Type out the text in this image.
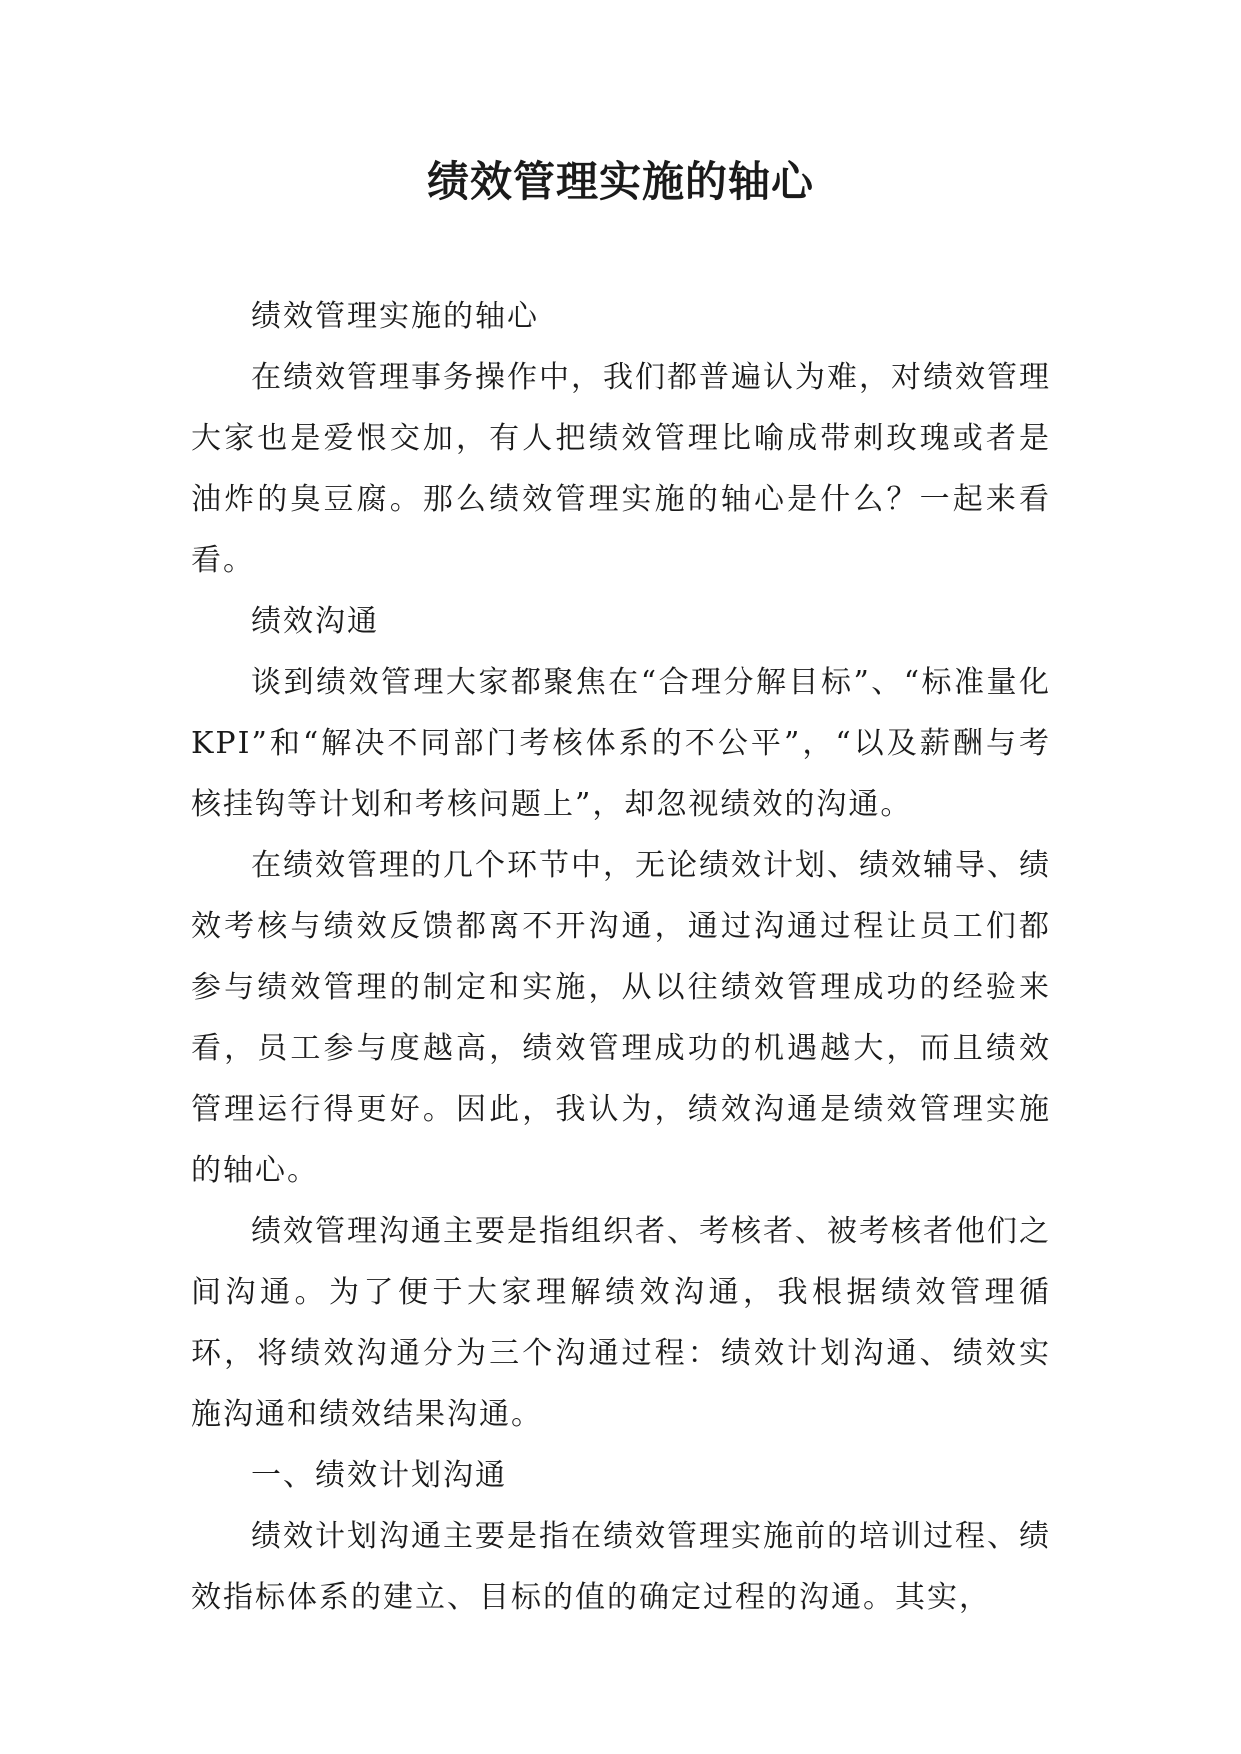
绩效管理实施的轴心

绩效管理实施的轴心

在绩效管理事务操作中，我们都普遍认为难，对绩效管理大家也是爱恨交加，有人把绩效管理比喻成带刺玫瑰或者是油炸的臭豆腐。那么绩效管理实施的轴心是什么？一起来看看。

绩效沟通

谈到绩效管理大家都聚焦在“合理分解目标”、“标准量化KPI”和“解决不同部门考核体系的不公平”，“以及薪酬与考核挂钩等计划和考核问题上”，却忽视绩效的沟通。

在绩效管理的几个环节中，无论绩效计划、绩效辅导、绩效考核与绩效反馈都离不开沟通，通过沟通过程让员工们都参与绩效管理的制定和实施，从以往绩效管理成功的经验来看，员工参与度越高，绩效管理成功的机遇越大，而且绩效管理运行得更好。因此，我认为，绩效沟通是绩效管理实施的轴心。

绩效管理沟通主要是指组织者、考核者、被考核者他们之间沟通。为了便于大家理解绩效沟通，我根据绩效管理循环，将绩效沟通分为三个沟通过程：绩效计划沟通、绩效实施沟通和绩效结果沟通。

一、绩效计划沟通

绩效计划沟通主要是指在绩效管理实施前的培训过程、绩效指标体系的建立、目标的值的确定过程的沟通。其实，
